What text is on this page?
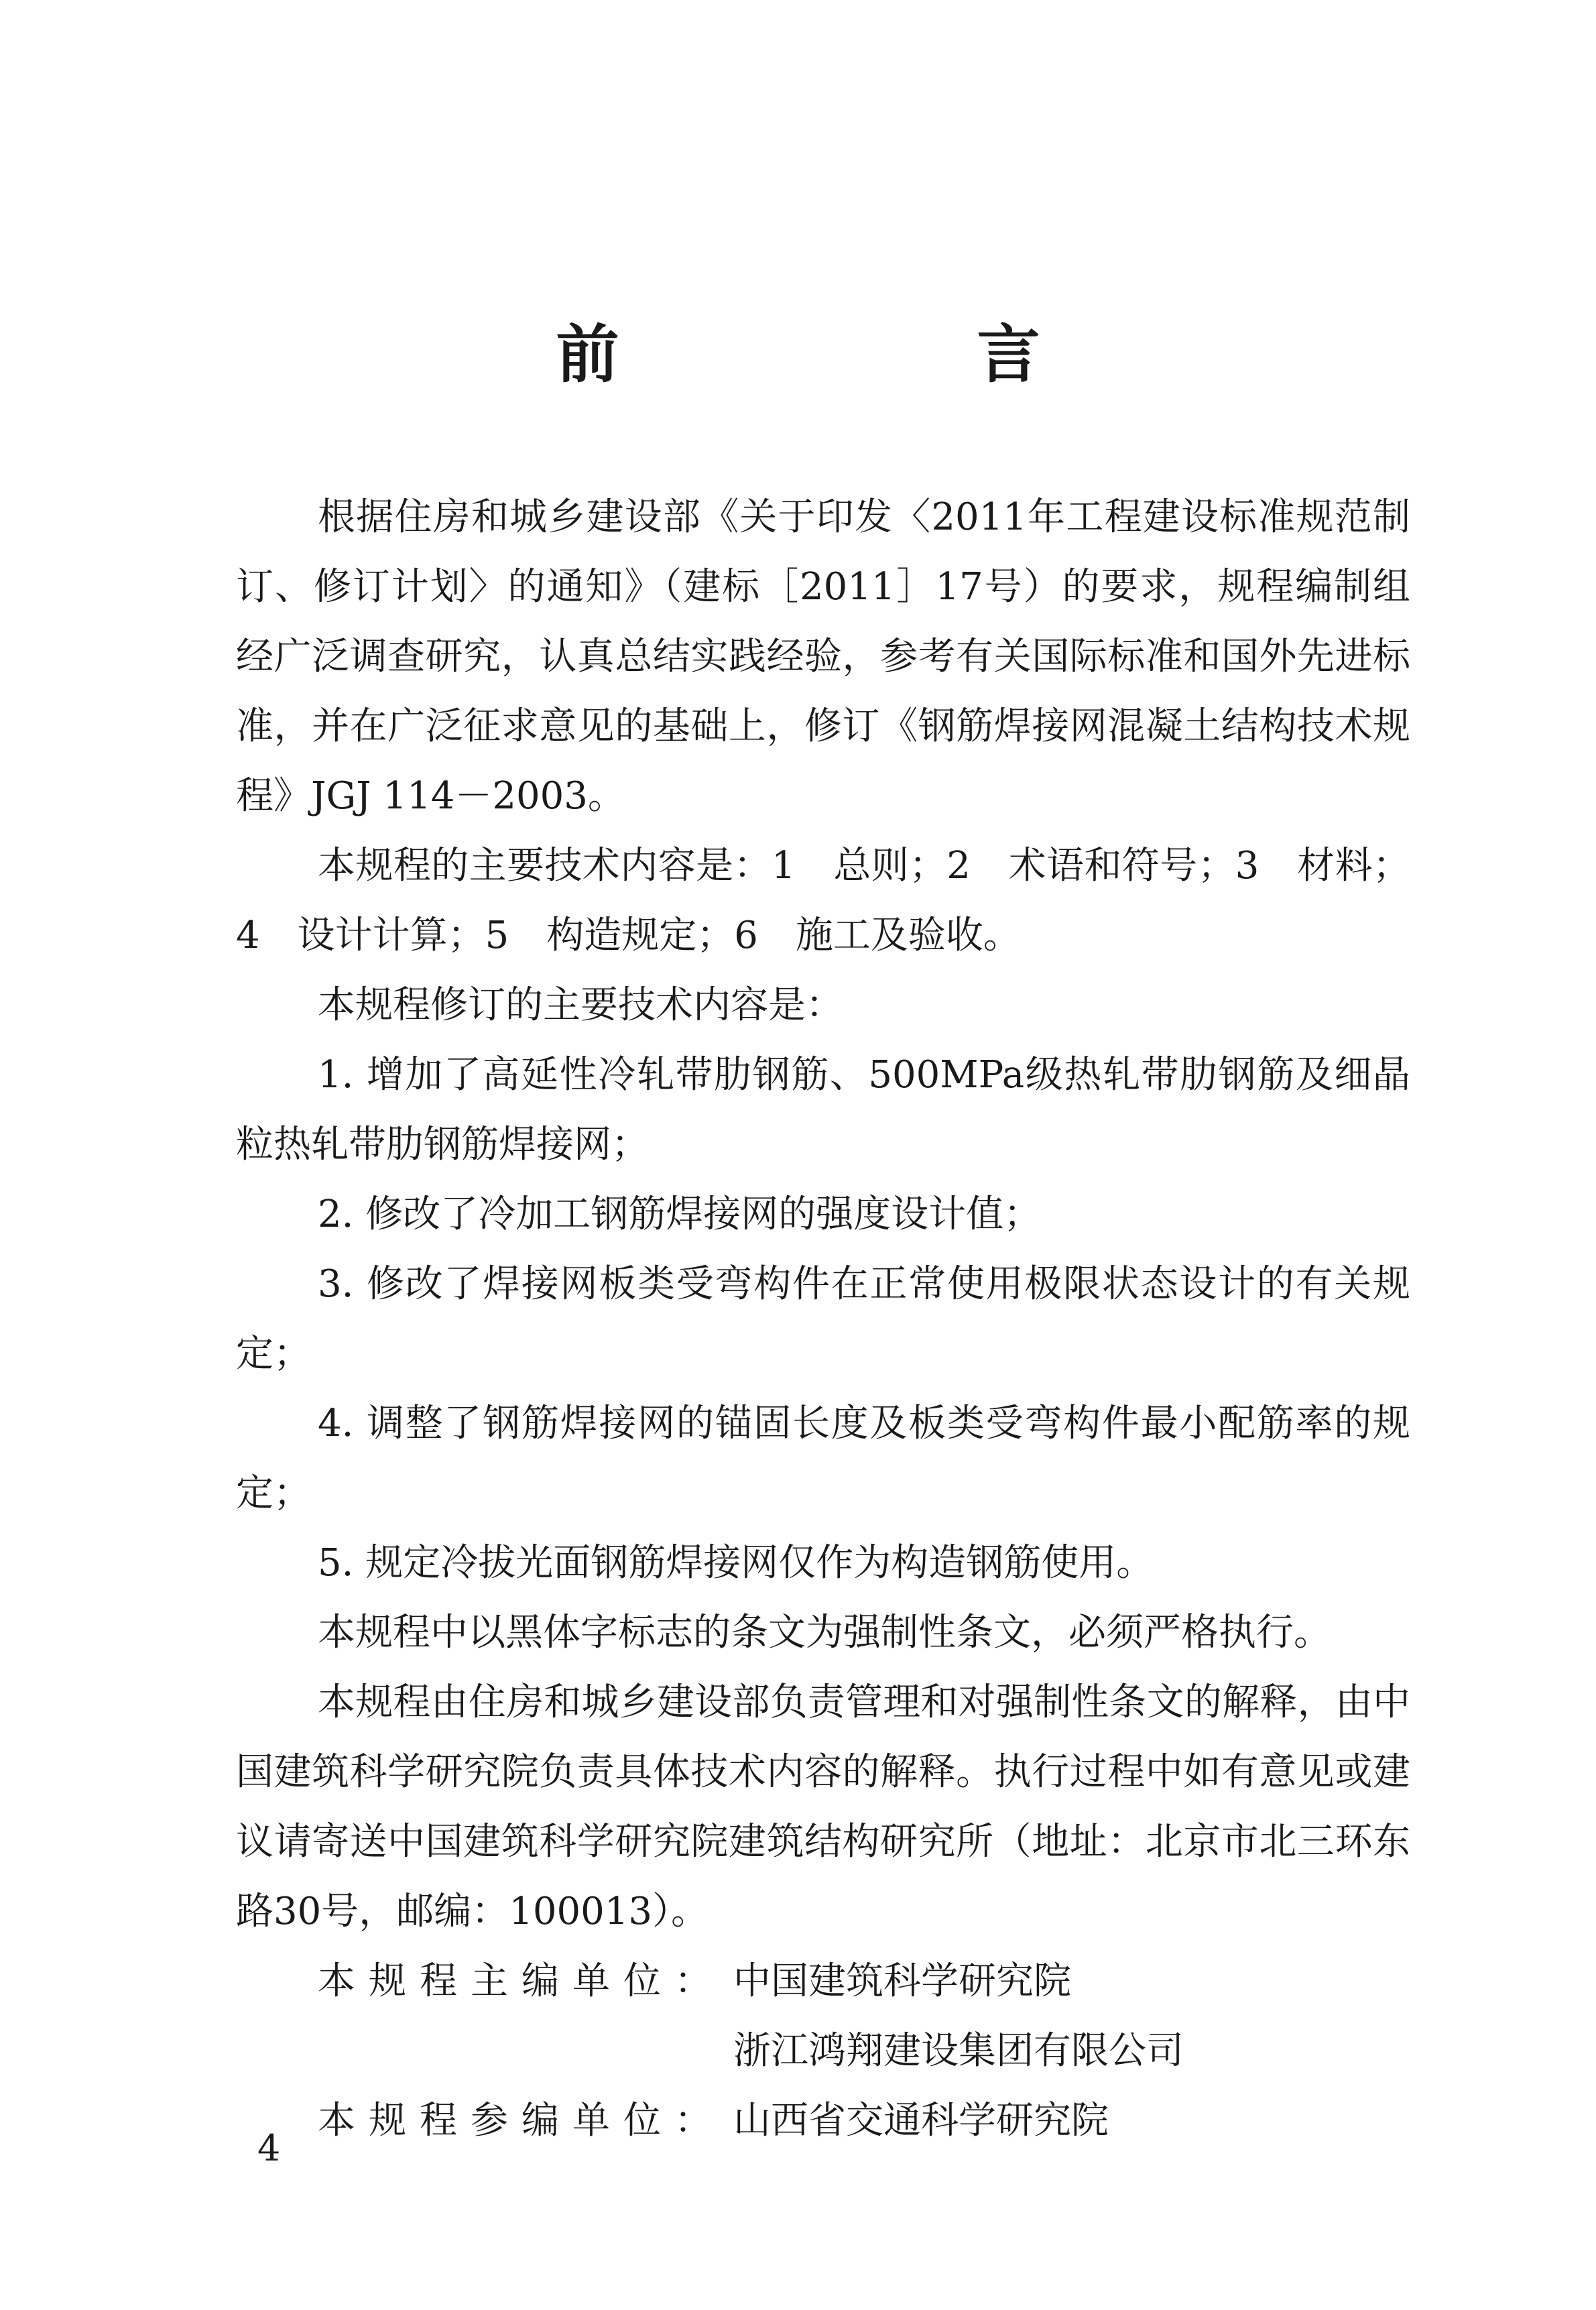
前　言

根据住房和城乡建设部《关于印发〈2011年工程建设标准规范制订、修订计划〉的通知》（建标［2011］17号）的要求，规程编制组经广泛调查研究，认真总结实践经验，参考有关国际标准和国外先进标准，并在广泛征求意见的基础上，修订《钢筋焊接网混凝土结构技术规程》JGJ 114－2003。

本规程的主要技术内容是：1　总则；2　术语和符号；3　材料；4　设计计算；5　构造规定；6　施工及验收。

本规程修订的主要技术内容是：

1. 增加了高延性冷轧带肋钢筋、500MPa级热轧带肋钢筋及细晶粒热轧带肋钢筋焊接网；

2. 修改了冷加工钢筋焊接网的强度设计值；

3. 修改了焊接网板类受弯构件在正常使用极限状态设计的有关规定；

4. 调整了钢筋焊接网的锚固长度及板类受弯构件最小配筋率的规定；

5. 规定冷拔光面钢筋焊接网仅作为构造钢筋使用。

本规程中以黑体字标志的条文为强制性条文，必须严格执行。

本规程由住房和城乡建设部负责管理和对强制性条文的解释，由中国建筑科学研究院负责具体技术内容的解释。执行过程中如有意见或建议请寄送中国建筑科学研究院建筑结构研究所（地址：北京市北三环东路30号，邮编：100013）。

本规程主编单位： 中国建筑科学研究院
浙江鸿翔建设集团有限公司
本规程参编单位： 山西省交通科学研究院
4
